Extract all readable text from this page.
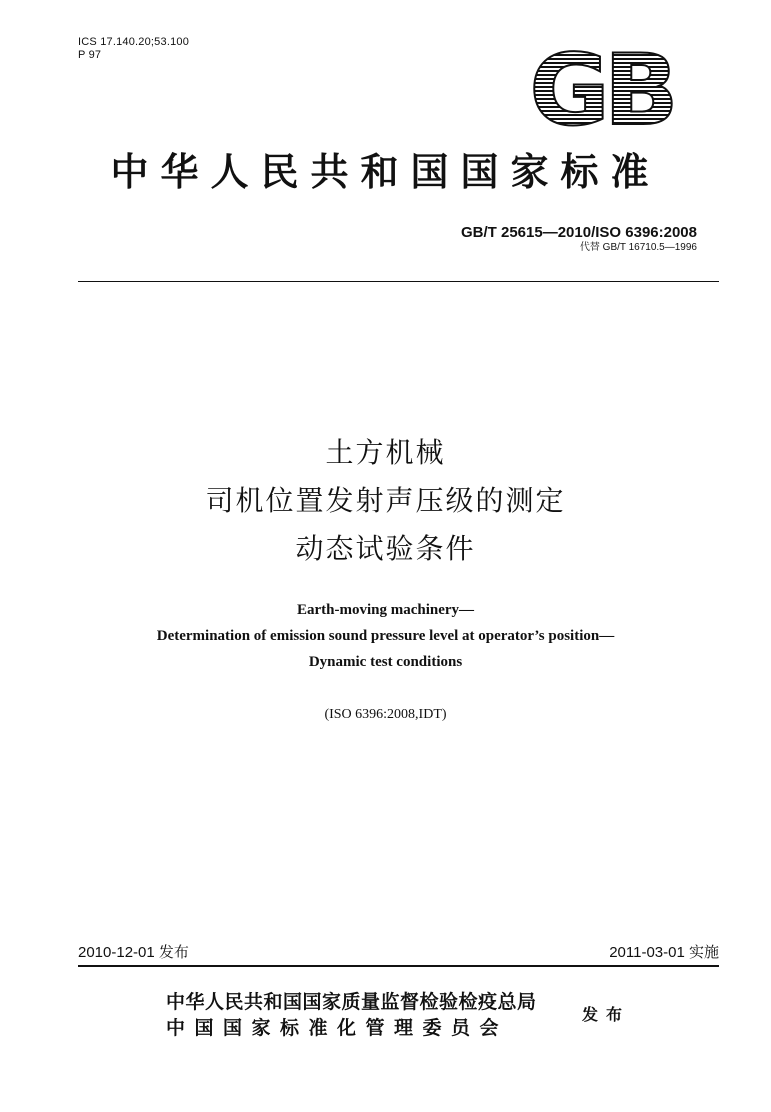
ICS 17.140.20;53.100
P 97	GB
中华人民共和国国家标准
GB/T 25615—2010/ISO 6396:2008
代替 GB/T 16710.5—1996
土方机械
司机位置发射声压级的测定
动态试验条件
Earth-moving machinery—
Determination of emission sound pressure level at operator’s position—
Dynamic test conditions
(ISO 6396:2008,IDT)
2010-12-01 发布	2011-03-01 实施
中华人民共和国国家质量监督检验检疫总局
中国国家标准化管理委员会
发布
